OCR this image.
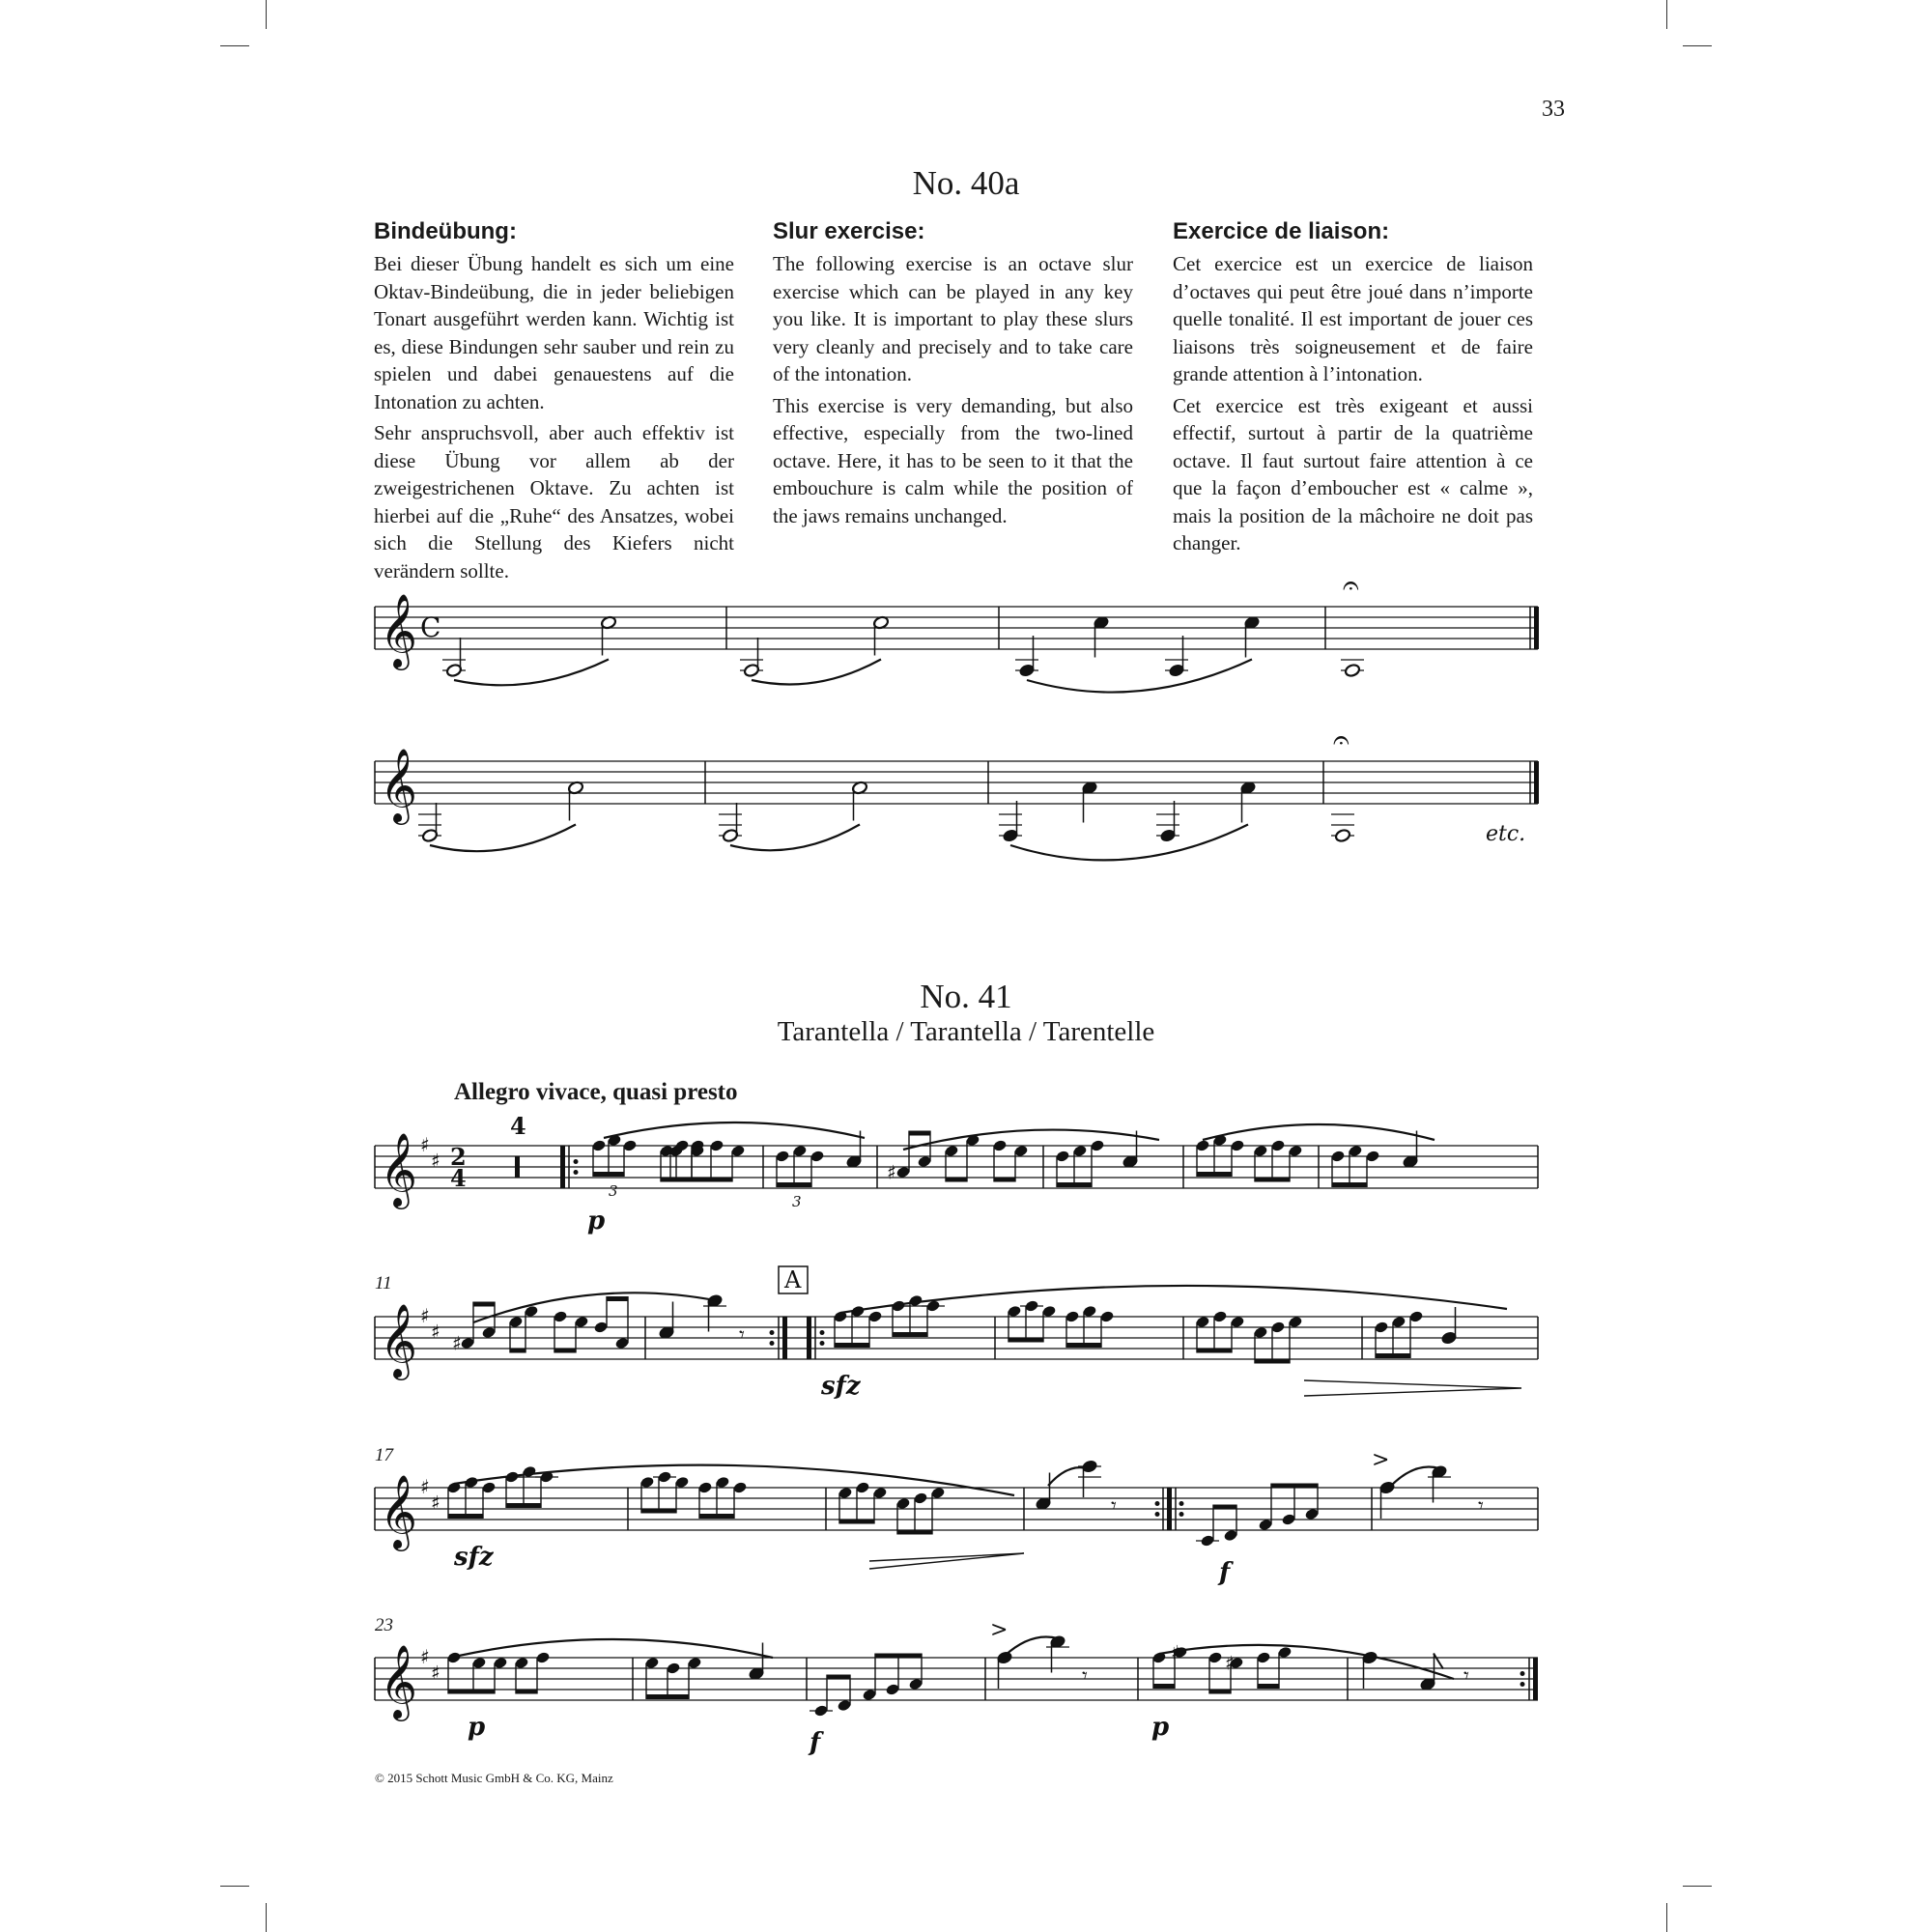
33
No. 40a
Bindeübung:

Bei dieser Übung handelt es sich um eine Oktav-Bindeübung, die in jeder beliebigen Tonart ausgeführt werden kann. Wichtig ist es, diese Bindungen sehr sauber und rein zu spielen und dabei genauestens auf die Intonation zu achten.

Sehr anspruchsvoll, aber auch effektiv ist diese Übung vor allem ab der zweigestrichenen Oktave. Zu achten ist hierbei auf die „Ruhe“ des Ansatzes, wobei sich die Stellung des Kiefers nicht verändern sollte.

Slur exercise:

The following exercise is an octave slur exercise which can be played in any key you like. It is important to play these slurs very cleanly and precisely and to take care of the intonation.

This exercise is very demanding, but also effective, especially from the two-lined octave. Here, it has to be seen to it that the embouchure is calm while the position of the jaws remains unchanged.

Exercice de liaison:

Cet exercice est un exercice de liaison d’octaves qui peut être joué dans n’importe quelle tonalité. Il est important de jouer ces liaisons très soigneusement et de faire grande attention à l’intonation.

Cet exercice est très exigeant et aussi effectif, surtout à partir de la quatrième octave. Il faut surtout faire attention à ce que la façon d’emboucher est « calme », mais la position de la mâchoire ne doit pas changer.

No. 41
Tarantella / Tarantella / Tarentelle
Allegro vivace, quasi presto
11
17
23
© 2015 Schott Music GmbH & Co. KG, Mainz
𝄞 C
𝄐
𝄞
𝄐
etc.
𝄞 ♯
♯ 2
4
4
3
p
3
♯
𝄞 ♯
♯ ♯	𝄾
A
sfz
𝄞 ♯
♯
sfz
𝄾
f
>
𝄾
𝄞 ♯
♯
p
f
>
𝄾
♯ ♯
p
𝄾
